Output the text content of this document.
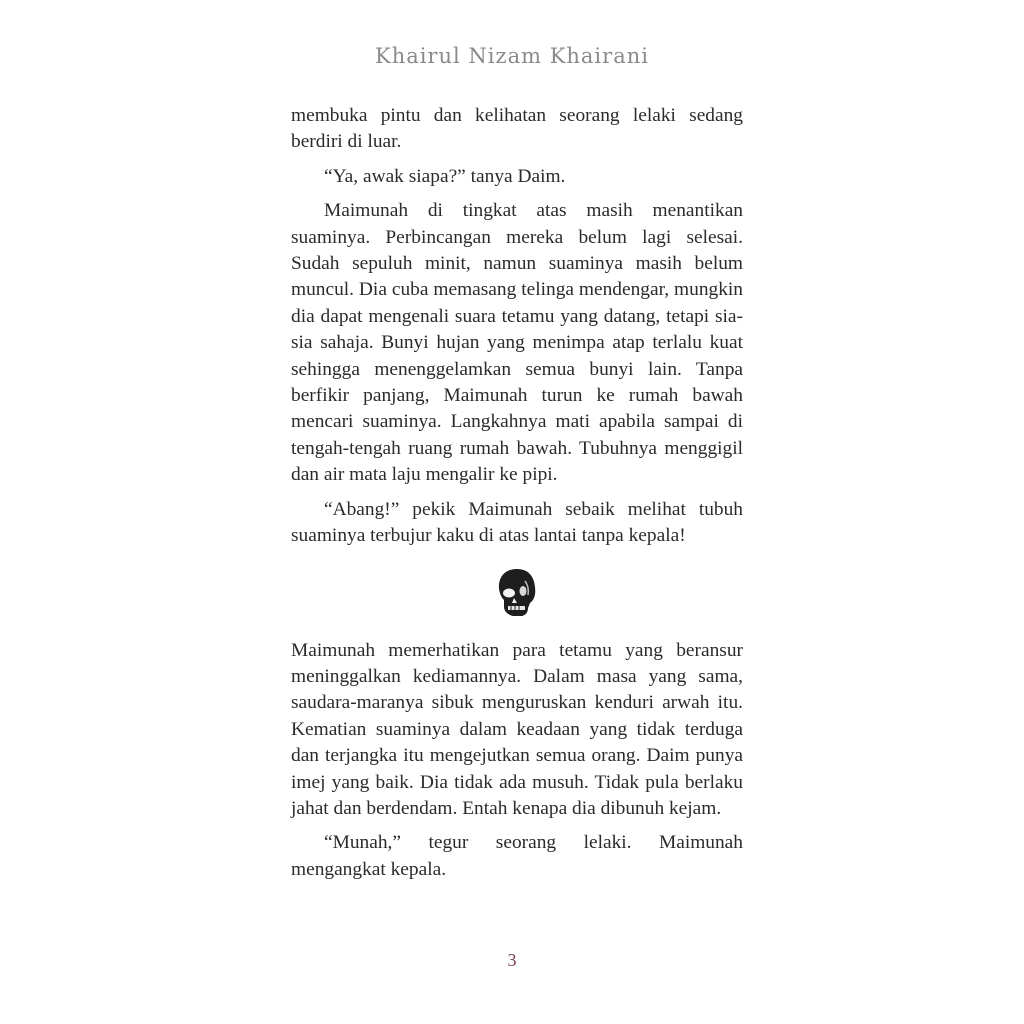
Khairul Nizam Khairani

membuka pintu dan kelihatan seorang lelaki sedang berdiri di luar.

“Ya, awak siapa?” tanya Daim.

Maimunah di tingkat atas masih menantikan suaminya. Perbincangan mereka belum lagi selesai. Sudah sepuluh minit, namun suaminya masih belum muncul. Dia cuba memasang telinga mendengar, mungkin dia dapat mengenali suara tetamu yang datang, tetapi sia-sia sahaja. Bunyi hujan yang menimpa atap terlalu kuat sehingga menenggelamkan semua bunyi lain. Tanpa berfikir panjang, Maimunah turun ke rumah bawah mencari suaminya. Langkahnya mati apabila sampai di tengah-tengah ruang rumah bawah. Tubuhnya menggigil dan air mata laju mengalir ke pipi.

“Abang!” pekik Maimunah sebaik melihat tubuh suaminya terbujur kaku di atas lantai tanpa kepala!

Maimunah memerhatikan para tetamu yang beransur meninggalkan kediamannya. Dalam masa yang sama, saudara-maranya sibuk menguruskan kenduri arwah itu. Kematian suaminya dalam keadaan yang tidak terduga dan terjangka itu mengejutkan semua orang. Daim punya imej yang baik. Dia tidak ada musuh. Tidak pula berlaku jahat dan berdendam. Entah kenapa dia dibunuh kejam.

“Munah,” tegur seorang lelaki. Maimunah mengangkat kepala.

3
